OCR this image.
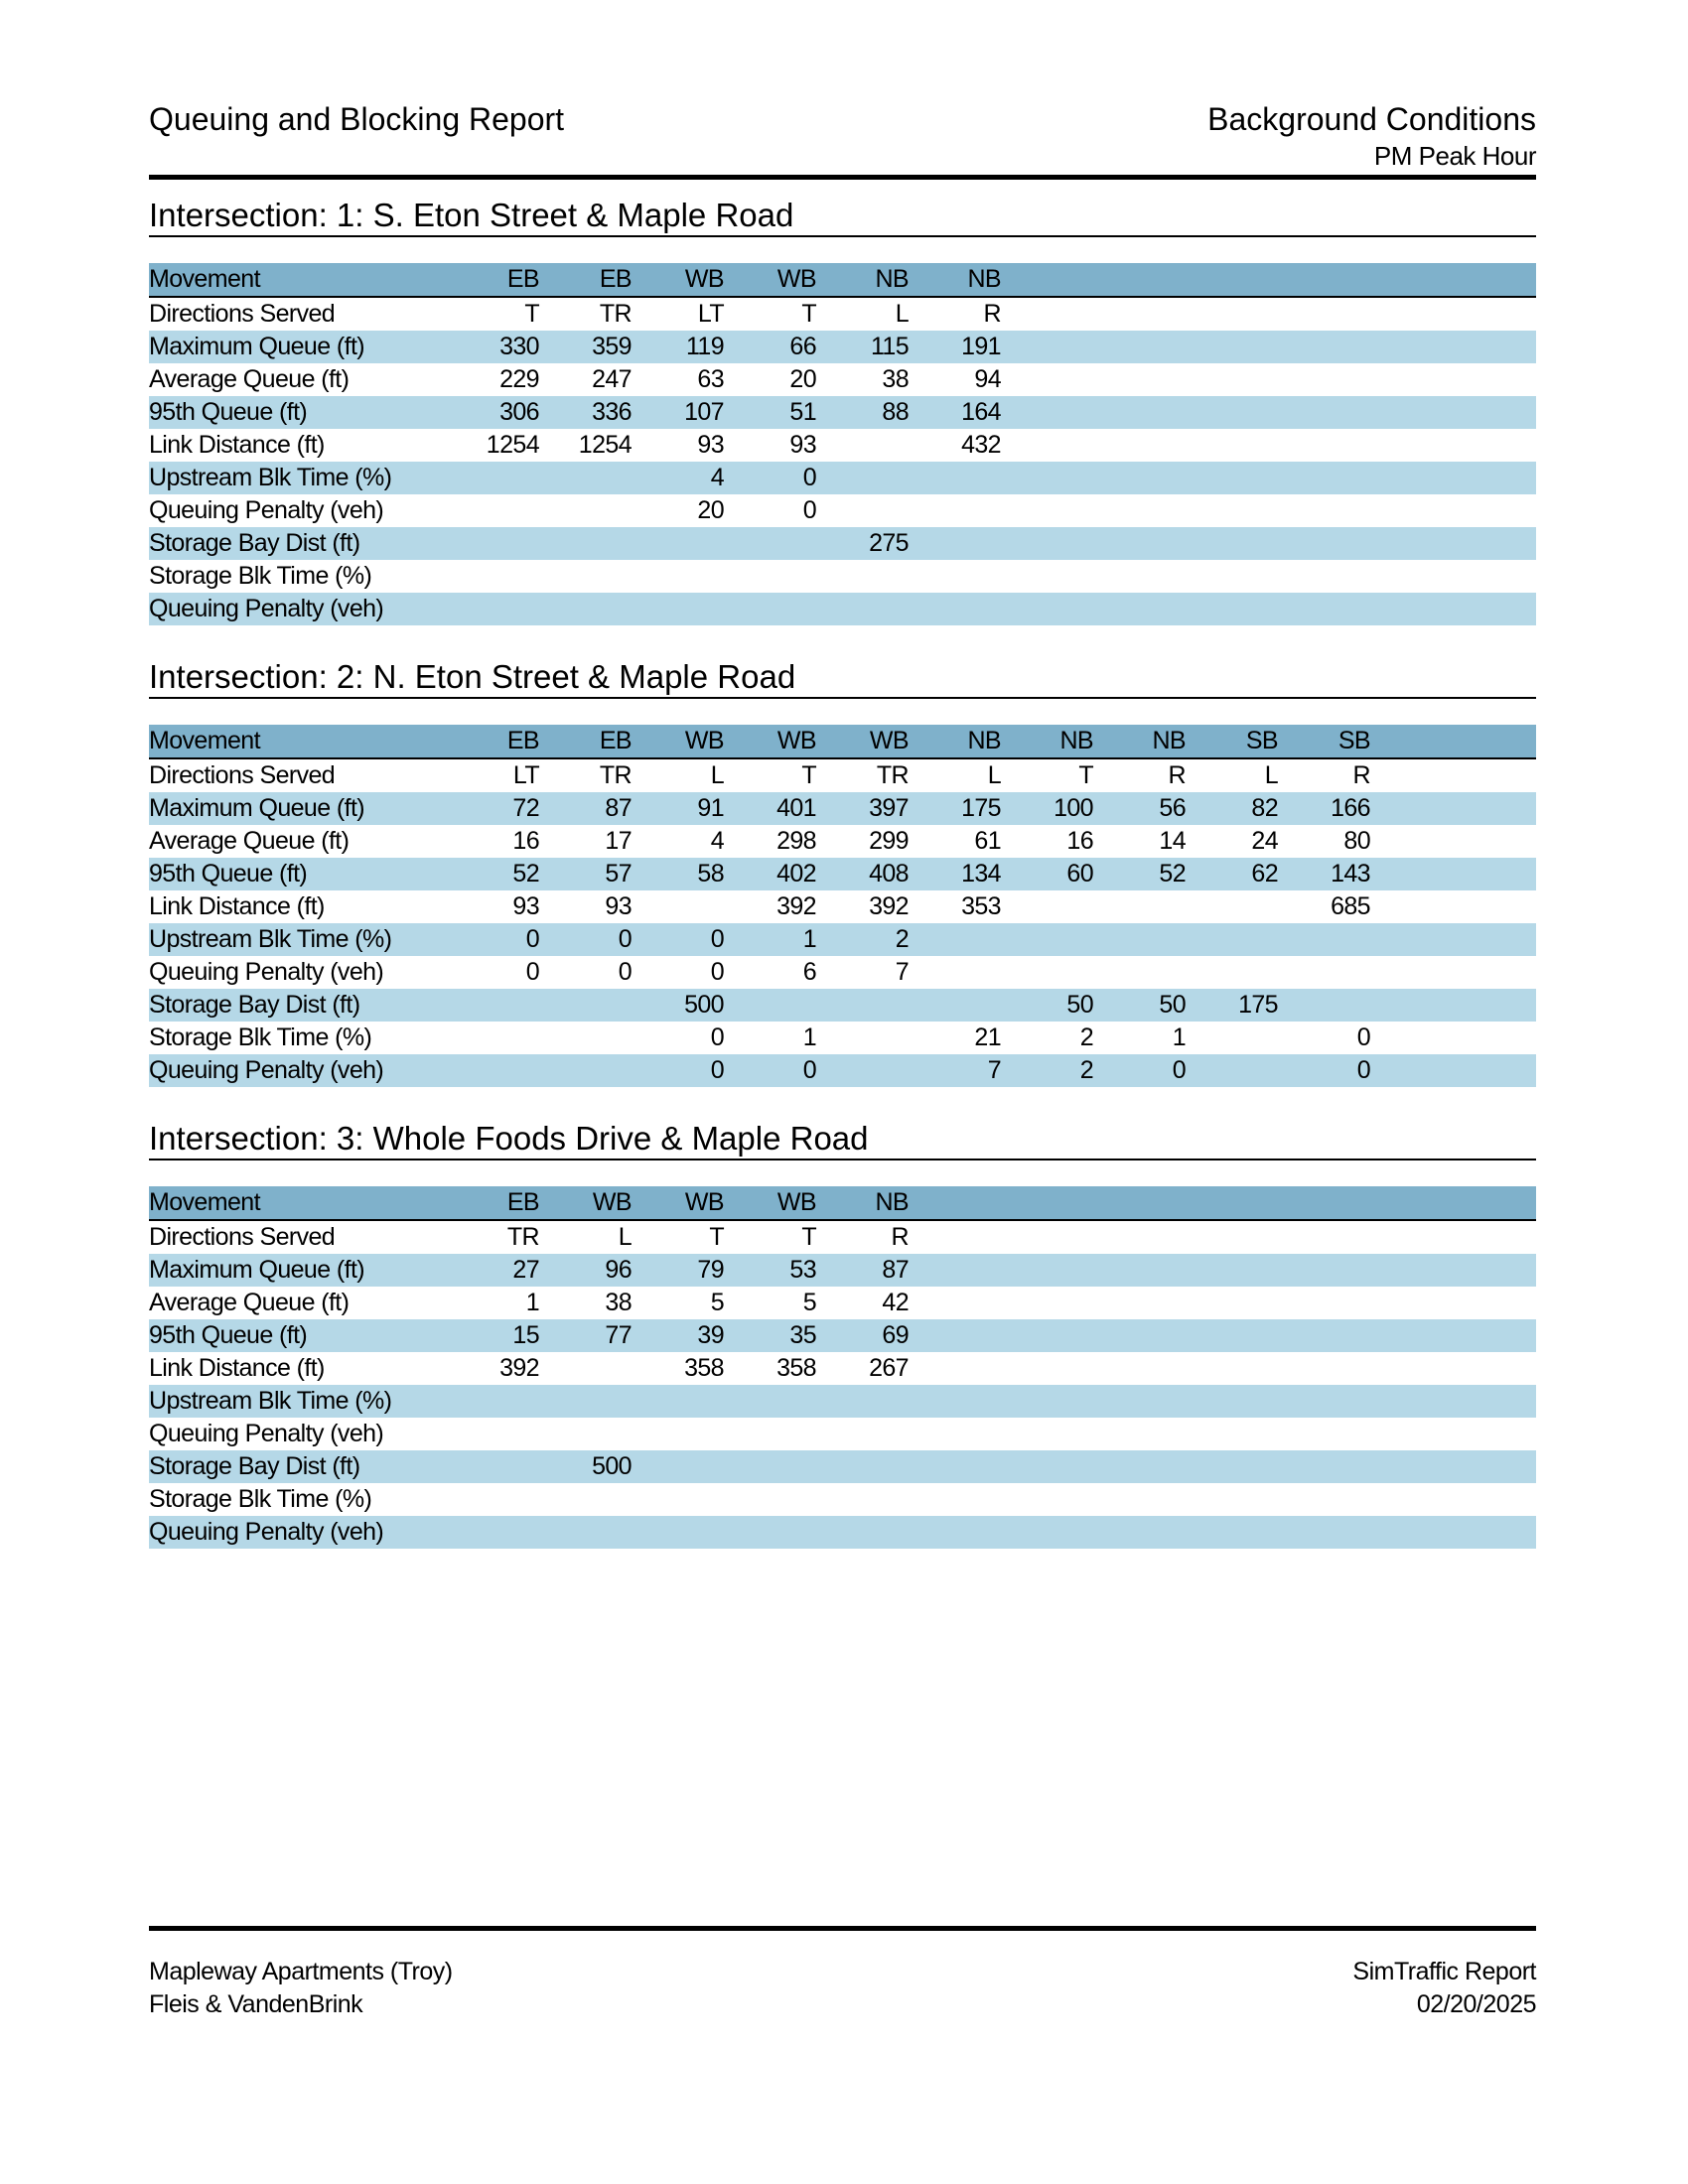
Queuing and Blocking Report	Background Conditions
PM Peak Hour
Intersection: 1: S. Eton Street & Maple Road
Movement	EB	EB	WB	WB	NB	NB					
Directions Served	T	TR	LT	T	L	R					
Maximum Queue (ft)	330	359	119	66	115	191					
Average Queue (ft)	229	247	63	20	38	94					
95th Queue (ft)	306	336	107	51	88	164					
Link Distance (ft)	1254	1254	93	93		432					
Upstream Blk Time (%)			4	0							
Queuing Penalty (veh)			20	0							
Storage Bay Dist (ft)					275						
Storage Blk Time (%)											
Queuing Penalty (veh)											
Intersection: 2: N. Eton Street & Maple Road
Movement	EB	EB	WB	WB	WB	NB	NB	NB	SB	SB	
Directions Served	LT	TR	L	T	TR	L	T	R	L	R	
Maximum Queue (ft)	72	87	91	401	397	175	100	56	82	166	
Average Queue (ft)	16	17	4	298	299	61	16	14	24	80	
95th Queue (ft)	52	57	58	402	408	134	60	52	62	143	
Link Distance (ft)	93	93		392	392	353				685	
Upstream Blk Time (%)	0	0	0	1	2						
Queuing Penalty (veh)	0	0	0	6	7						
Storage Bay Dist (ft)			500				50	50	175		
Storage Blk Time (%)			0	1		21	2	1		0	
Queuing Penalty (veh)			0	0		7	2	0		0	
Intersection: 3: Whole Foods Drive & Maple Road
Movement	EB	WB	WB	WB	NB						
Directions Served	TR	L	T	T	R						
Maximum Queue (ft)	27	96	79	53	87						
Average Queue (ft)	1	38	5	5	42						
95th Queue (ft)	15	77	39	35	69						
Link Distance (ft)	392		358	358	267						
Upstream Blk Time (%)											
Queuing Penalty (veh)											
Storage Bay Dist (ft)		500									
Storage Blk Time (%)											
Queuing Penalty (veh)											
Mapleway Apartments (Troy)
Fleis & VandenBrink
SimTraffic Report
02/20/2025
